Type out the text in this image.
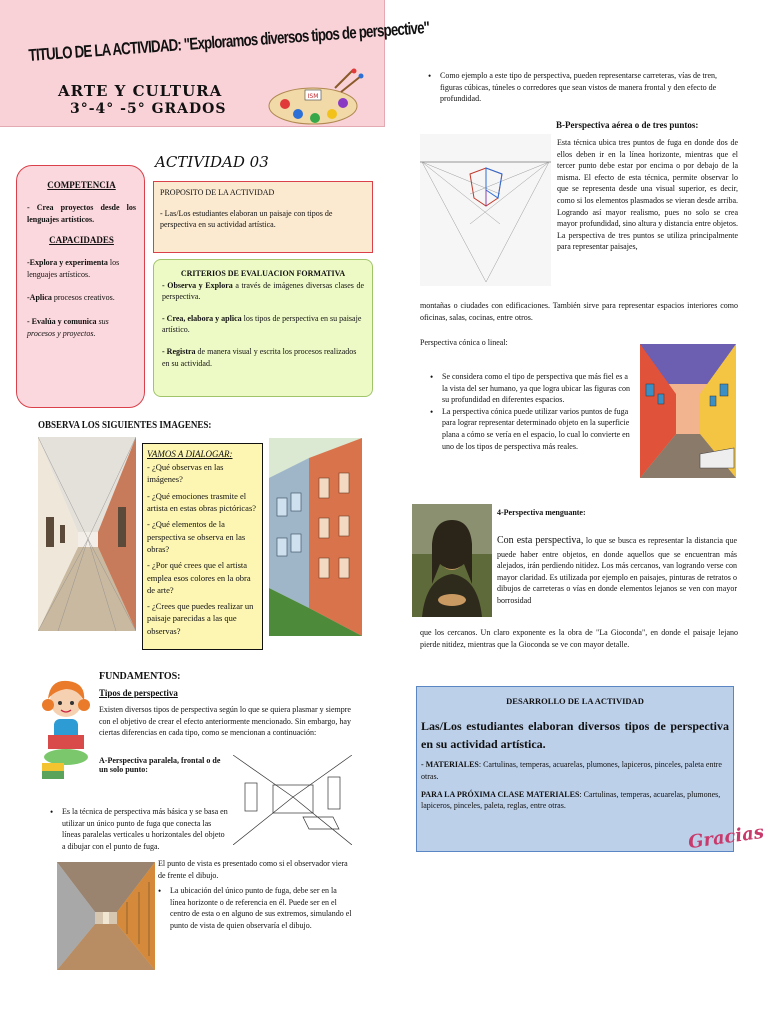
TITULO DE LA ACTIVIDAD: "Exploramos diversos tipos de perspective"
ARTE Y CULTURA
3°-4° -5° GRADOS
ISM
COMPETENCIA

- Crea proyectos desde los lenguajes artísticos.

CAPACIDADES

-Explora y experimenta los lenguajes artísticos.

-Aplica procesos creativos.

- Evalúa y comunica sus procesos y proyectos.

ACTIVIDAD 03
PROPOSITO DE LA ACTIVIDAD

- Las/Los estudiantes elaboran un paisaje con tipos de perspectiva en su actividad artística.

CRITERIOS DE EVALUACION FORMATIVA

- Observa y Explora a través de imágenes diversas clases de perspectiva.

- Crea, elabora y aplica los tipos de perspectiva en su paisaje artístico.

- Registra de manera visual y escrita los procesos realizados en su actividad.

OBSERVA LOS SIGUIENTES IMAGENES:
VAMOS A DIALOGAR:

- ¿Qué observas en las imágenes?

- ¿Qué emociones trasmite el artista en estas obras pictóricas?

- ¿Qué elementos de la perspectiva se observa en las obras?

- ¿Por qué crees que el artista emplea esos colores en la obra de arte?

- ¿Crees que puedes realizar un paisaje parecidas a las que observas?

FUNDAMENTOS:
Tipos de perspectiva

Existen diversos tipos de perspectiva según lo que se quiera plasmar y siempre con el objetivo de crear el efecto anteriormente mencionado. Sin embargo, hay ciertas diferencias en cada tipo, como se mencionan a continuación:

A-Perspectiva paralela, frontal o de un solo punto:
• Es la técnica de perspectiva más básica y se basa en utilizar un único punto de fuga que conecta las líneas paralelas verticales u horizontales del objeto a dibujar con el punto de fuga.

El punto de vista es presentado como si el observador viera de frente el dibujo.

• La ubicación del único punto de fuga, debe ser en la línea horizonte o de referencia en él. Puede ser en el centro de esta o en alguno de sus extremos, simulando el punto de vista de quien observaría el dibujo.
• Como ejemplo a este tipo de perspectiva, pueden representarse carreteras, vías de tren, figuras cúbicas, túneles o corredores que sean vistos de manera frontal y den efecto de profundidad.
B-Perspectiva aérea o de tres puntos:

Esta técnica ubica tres puntos de fuga en donde dos de ellos deben ir en la línea horizonte, mientras que el tercer punto debe estar por encima o por debajo de la misma. El efecto de esta técnica, permite observar lo que se representa desde una visual superior, es decir, como si los elementos plasmados se vieran desde arriba. Logrando así mayor realismo, pues no solo se crea mayor profundidad, sino altura y distancia entre objetos. La perspectiva de tres puntos se utiliza principalmente para representar paisajes,

montañas o ciudades con edificaciones. También sirve para representar espacios interiores como oficinas, salas, cocinas, entre otros.

Perspectiva cónica o lineal:
• Se considera como el tipo de perspectiva que más fiel es a la vista del ser humano, ya que logra ubicar las figuras con su profundidad en diferentes espacios.
• La perspectiva cónica puede utilizar varios puntos de fuga para lograr representar determinado objeto en la superficie plana a cómo se vería en el espacio, lo cual lo convierte en uno de los tipos de perspectiva más reales.
4-Perspectiva menguante:

Con esta perspectiva, lo que se busca es representar la distancia que puede haber entre objetos, en donde aquellos que se encuentran más alejados, irán perdiendo nitidez. Los más cercanos, van logrando verse con mayor claridad. Es utilizada por ejemplo en paisajes, pinturas de retratos o dibujos de carreteras o vías en donde elementos lejanos se ven con mayor borrosidad

que los cercanos. Un claro exponente es la obra de "La Gioconda", en donde el paisaje lejano pierde nitidez, mientras que la Gioconda se ve con mayor detalle.

DESARROLLO DE LA ACTIVIDAD

Las/Los estudiantes elaboran diversos tipos de perspectiva en su actividad artística.

- MATERIALES: Cartulinas, temperas, acuarelas, plumones, lapiceros, pinceles, paleta entre otras.

PARA LA PRÓXIMA CLASE MATERIALES: Cartulinas, temperas, acuarelas, plumones, lapiceros, pinceles, paleta, reglas, entre otras.

Gracias
